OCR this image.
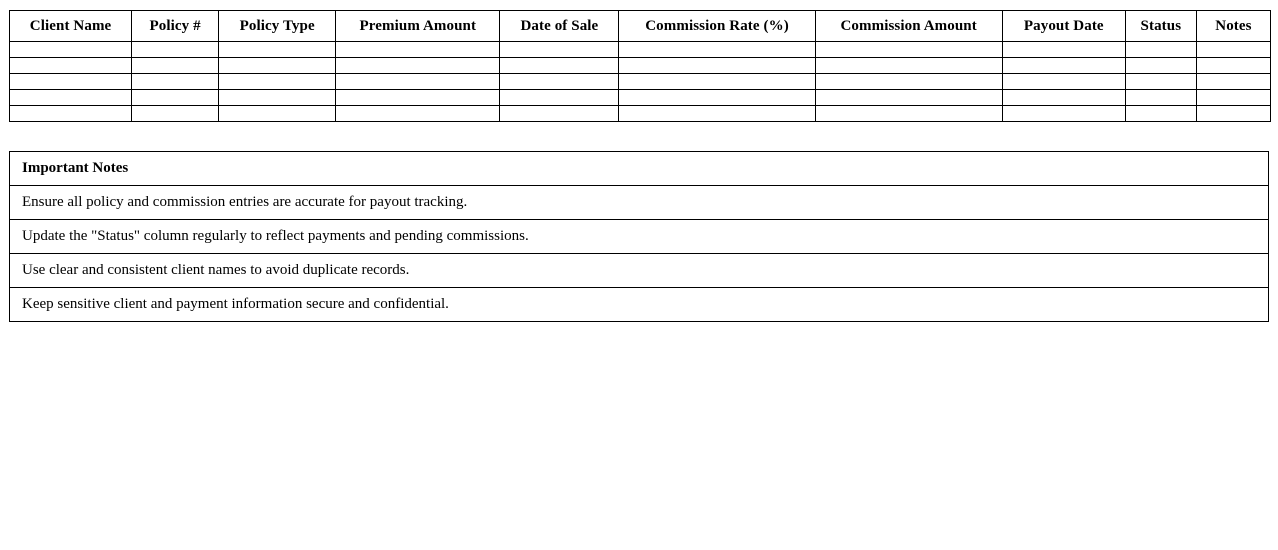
Client Name	Policy #	Policy Type	Premium Amount	Date of Sale	Commission Rate (%)	Commission Amount	Payout Date	Status	Notes

Important Notes
Ensure all policy and commission entries are accurate for payout tracking.
Update the "Status" column regularly to reflect payments and pending commissions.
Use clear and consistent client names to avoid duplicate records.
Keep sensitive client and payment information secure and confidential.
